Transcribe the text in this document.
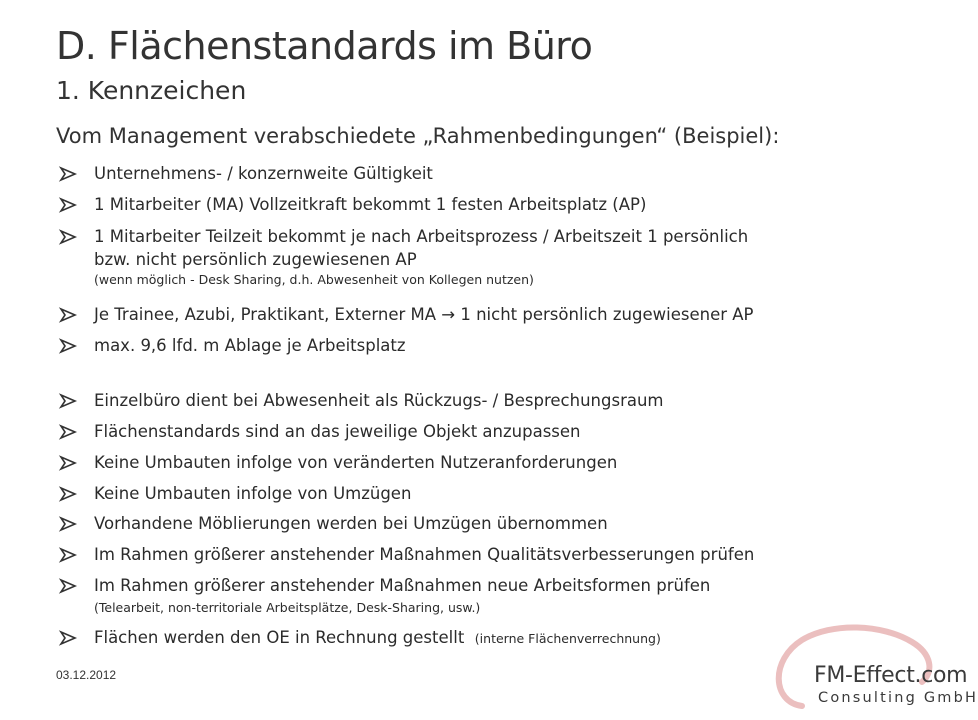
D. Flächenstandards im Büro
1. Kennzeichen
Vom Management verabschiedete „Rahmenbedingungen“ (Beispiel):
Unternehmens- / konzernweite Gültigkeit
1 Mitarbeiter (MA) Vollzeitkraft bekommt 1 festen Arbeitsplatz (AP)
1 Mitarbeiter Teilzeit bekommt je nach Arbeitsprozess / Arbeitszeit 1 persönlich
bzw. nicht persönlich zugewiesenen AP
(wenn möglich - Desk Sharing, d.h. Abwesenheit von Kollegen nutzen)
Je Trainee, Azubi, Praktikant, Externer MA → 1 nicht persönlich zugewiesener AP
max. 9,6 lfd. m Ablage je Arbeitsplatz
Einzelbüro dient bei Abwesenheit als Rückzugs- / Besprechungsraum
Flächenstandards sind an das jeweilige Objekt anzupassen
Keine Umbauten infolge von veränderten Nutzeranforderungen
Keine Umbauten infolge von Umzügen
Vorhandene Möblierungen werden bei Umzügen übernommen
Im Rahmen größerer anstehender Maßnahmen Qualitätsverbesserungen prüfen
Im Rahmen größerer anstehender Maßnahmen neue Arbeitsformen prüfen
(Telearbeit, non-territoriale Arbeitsplätze, Desk-Sharing, usw.)
Flächen werden den OE in Rechnung gestellt (interne Flächenverrechnung)
03.12.2012	FM-Effect.com
Consulting GmbH
